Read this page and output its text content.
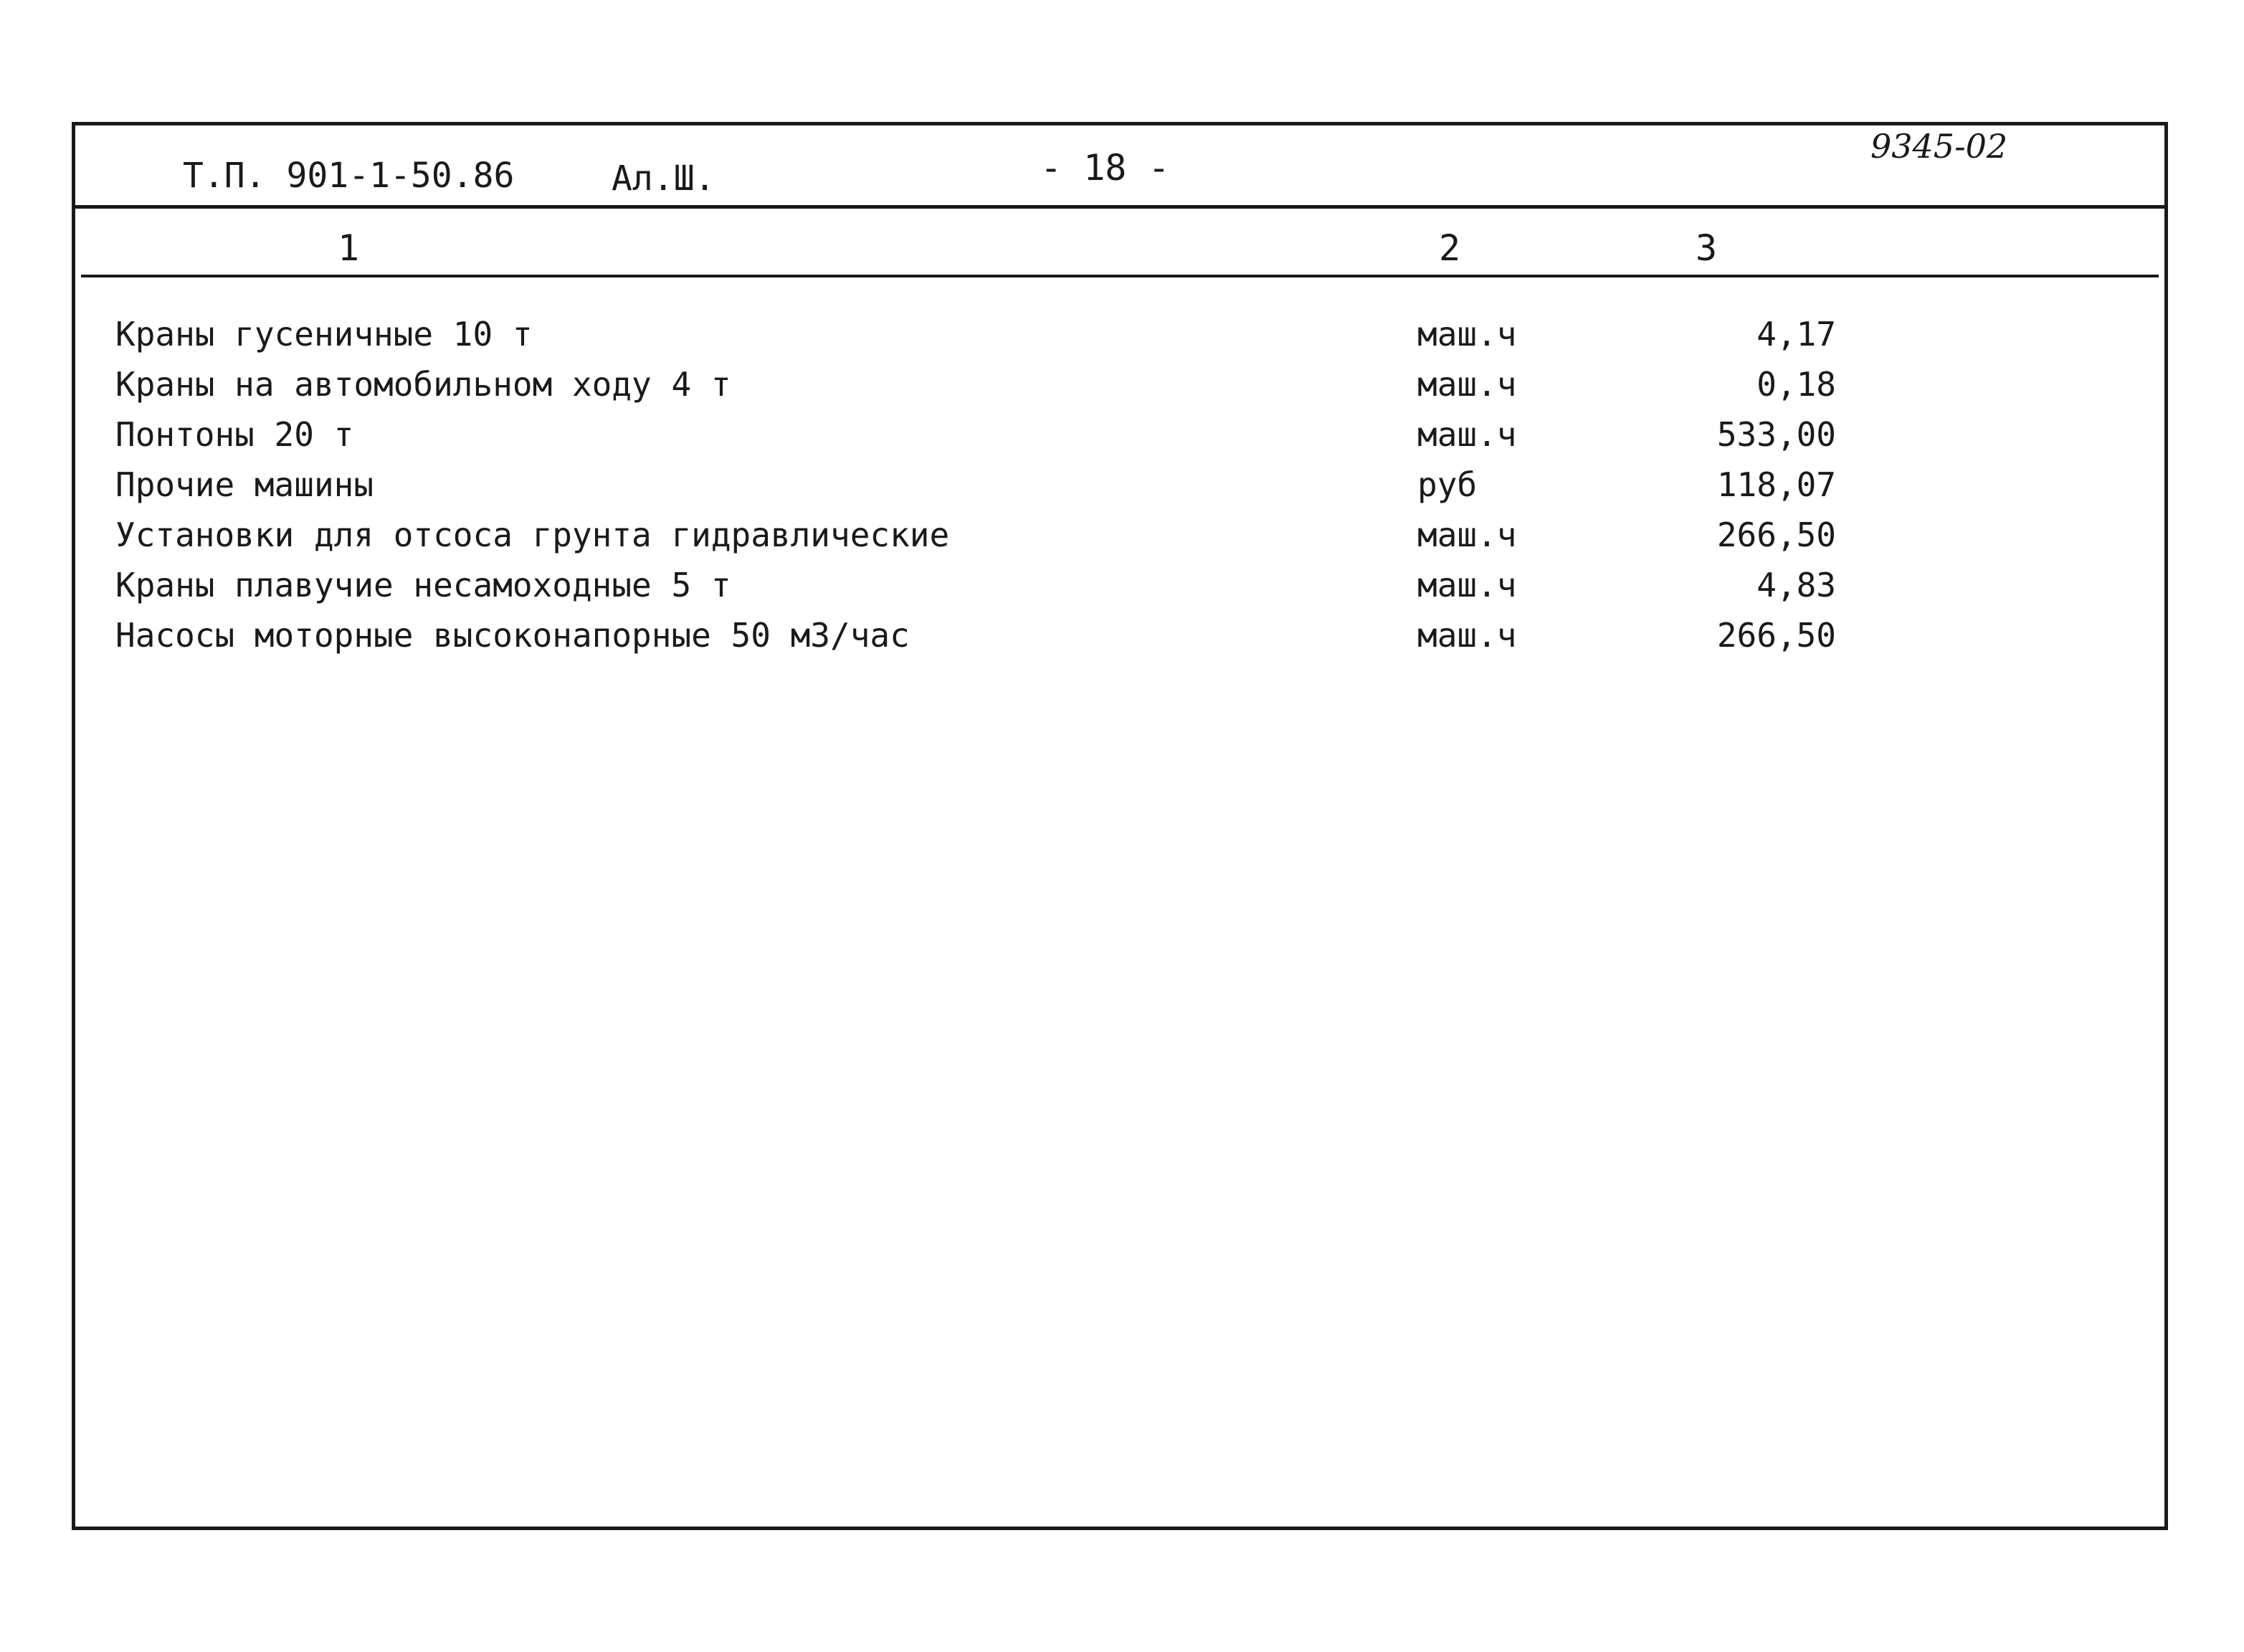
Т.П. 901-1-50.86	Ал.Ш.	- 18 -
9345-02
1	2	3
Краны гусеничные 10 т	маш.ч	4,17
Краны на автомобильном ходу 4 т	маш.ч	0,18
Понтоны 20 т	маш.ч	533,00
Прочие машины	руб	118,07
Установки для отсоса грунта гидравлические	маш.ч	266,50
Краны плавучие несамоходные 5 т	маш.ч	4,83
Насосы моторные высоконапорные 50 м3/час	маш.ч	266,50
